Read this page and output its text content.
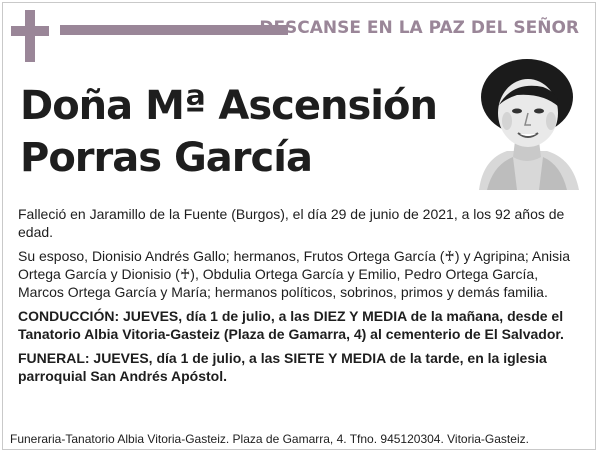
DESCANSE EN LA PAZ DEL SEÑOR
Doña Mª Ascensión
Porras García

Falleció en Jaramillo de la Fuente (Burgos), el día 29 de junio de 2021, a los 92 años de edad.

Su esposo, Dionisio Andrés Gallo; hermanos, Frutos Ortega García (♰) y Agripina; Anisia Ortega García y Dionisio (♰), Obdulia Ortega García y Emilio, Pedro Ortega García, Marcos Ortega García y María; hermanos políticos, sobrinos, primos y demás familia.

CONDUCCIÓN: JUEVES, día 1 de julio, a las DIEZ Y MEDIA de la mañana, desde el Tanatorio Albia Vitoria-Gasteiz (Plaza de Gamarra, 4) al cementerio de El Salvador.

FUNERAL: JUEVES, día 1 de julio, a las SIETE Y MEDIA de la tarde, en la iglesia parroquial San Andrés Apóstol.

Funeraria-Tanatorio Albia Vitoria-Gasteiz. Plaza de Gamarra, 4. Tfno. 945120304. Vitoria-Gasteiz.
